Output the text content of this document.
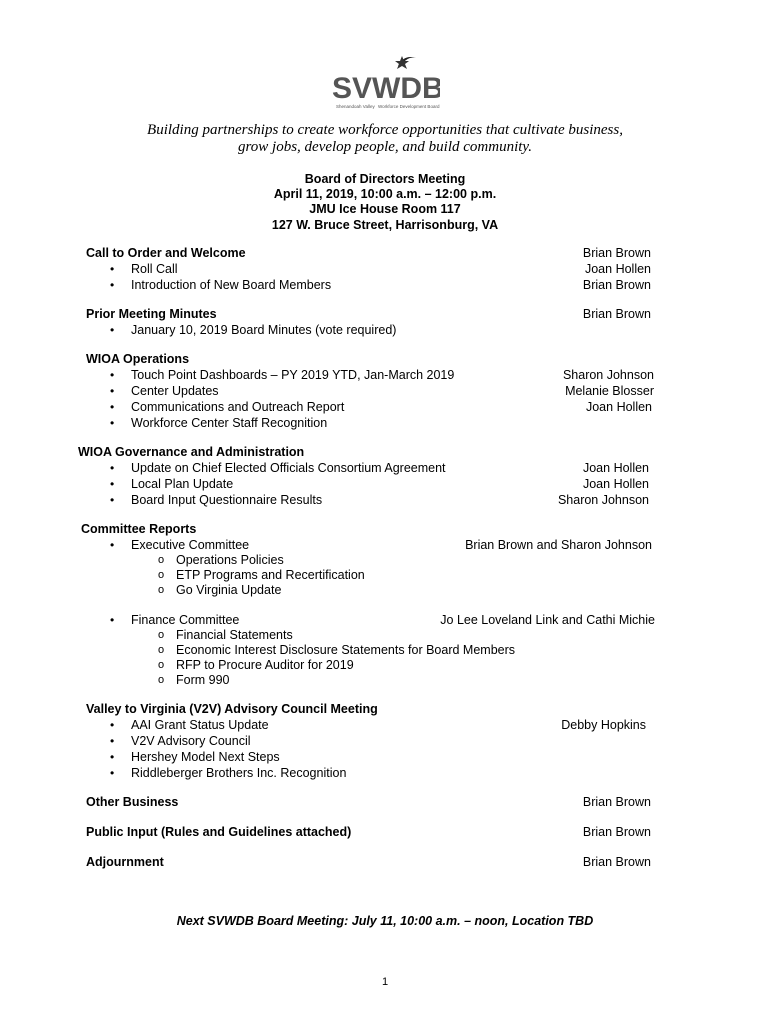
SVWDB
Shenandoah Valley Workforce Development Board
Building partnerships to create workforce opportunities that cultivate business,
grow jobs, develop people, and build community.
Board of Directors Meeting
April 11, 2019, 10:00 a.m. – 12:00 p.m.
JMU Ice House Room 117
127 W. Bruce Street, Harrisonburg, VA
Call to Order and Welcome	Brian Brown
• Roll Call	Joan Hollen
• Introduction of New Board Members	Brian Brown
Prior Meeting Minutes	Brian Brown
• January 10, 2019 Board Minutes (vote required)
WIOA Operations
• Touch Point Dashboards – PY 2019 YTD, Jan-March 2019	Sharon Johnson
• Center Updates	Melanie Blosser
• Communications and Outreach Report	Joan Hollen
• Workforce Center Staff Recognition
WIOA Governance and Administration
• Update on Chief Elected Officials Consortium Agreement	Joan Hollen
• Local Plan Update	Joan Hollen
• Board Input Questionnaire Results	Sharon Johnson
Committee Reports
• Executive Committee	Brian Brown and Sharon Johnson
o Operations Policies
o ETP Programs and Recertification
o Go Virginia Update
• Finance Committee	Jo Lee Loveland Link and Cathi Michie
o Financial Statements
o Economic Interest Disclosure Statements for Board Members
o RFP to Procure Auditor for 2019
o Form 990
Valley to Virginia (V2V) Advisory Council Meeting
• AAI Grant Status Update	Debby Hopkins
• V2V Advisory Council
• Hershey Model Next Steps
• Riddleberger Brothers Inc. Recognition
Other Business	Brian Brown
Public Input (Rules and Guidelines attached)	Brian Brown
Adjournment	Brian Brown
Next SVWDB Board Meeting: July 11, 10:00 a.m. – noon, Location TBD
1
